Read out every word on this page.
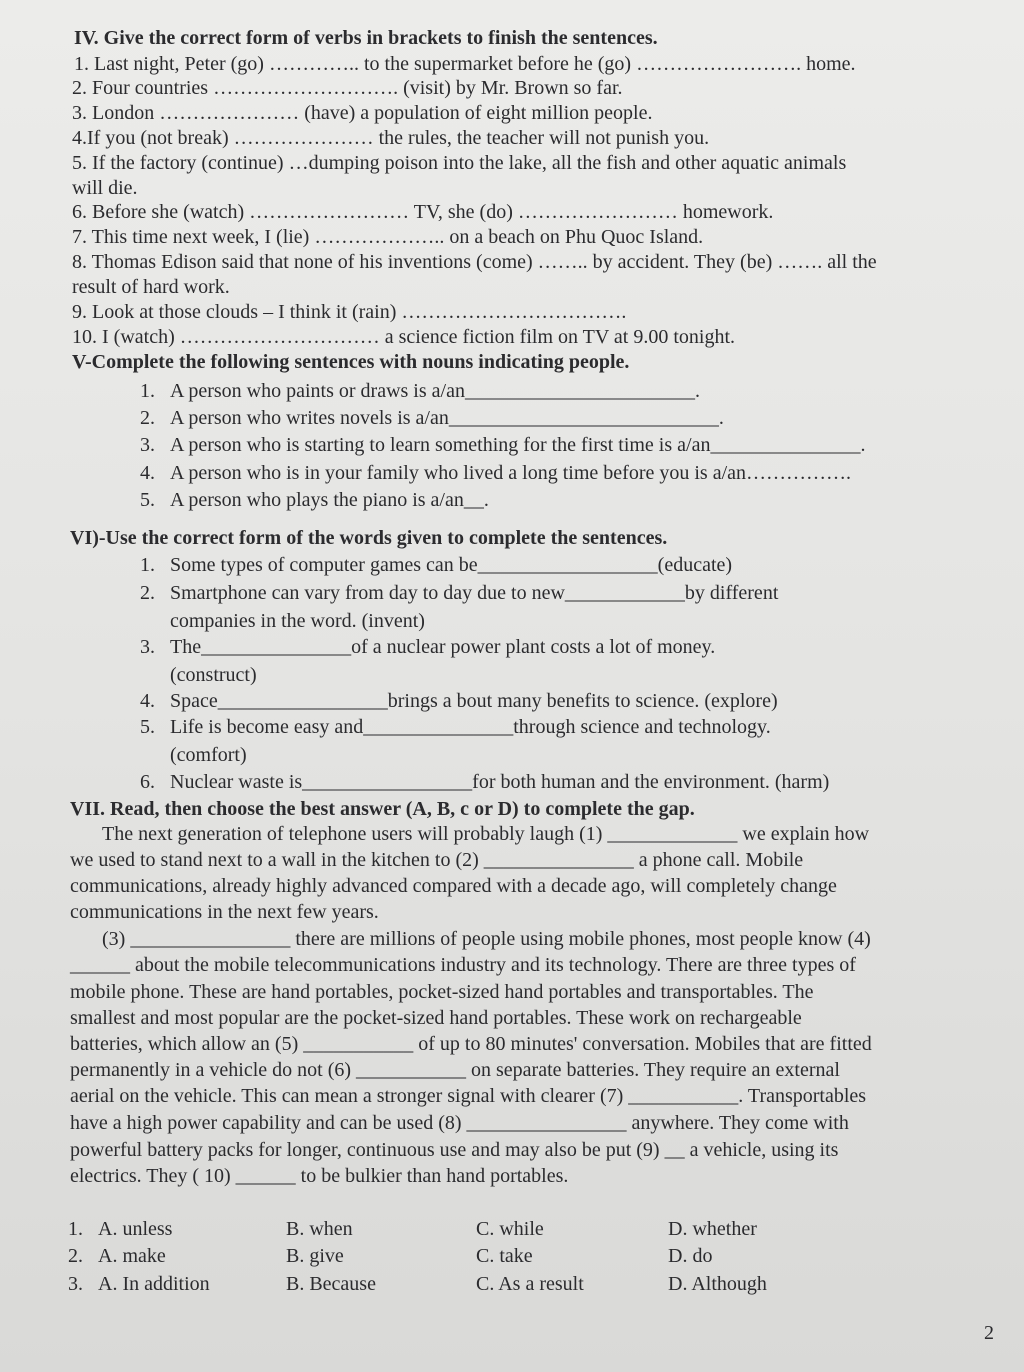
IV. Give the correct form of verbs in brackets to finish the sentences.
1. Last night, Peter (go) ………….. to the supermarket before he (go) ……………………. home.
2. Four countries ………………………. (visit) by Mr. Brown so far.
3. London ………………… (have) a population of eight million people.
4.If you (not break) ………………… the rules, the teacher will not punish you.
5. If the factory (continue) …dumping poison into the lake, all the fish and other aquatic animals
will die.
6. Before she (watch) …………………… TV, she (do) …………………… homework.
7. This time next week, I (lie) ……………….. on a beach on Phu Quoc Island.
8. Thomas Edison said that none of his inventions (come) …….. by accident. They (be) ……. all the
result of hard work.
9. Look at those clouds – I think it (rain) …………………………….
10. I (watch) ………………………… a science fiction film on TV at 9.00 tonight.
V-Complete the following sentences with nouns indicating people.
1. A person who paints or draws is a/an_______________________.
2. A person who writes novels is a/an___________________________.
3. A person who is starting to learn something for the first time is a/an_______________.
4. A person who is in your family who lived a long time before you is a/an…………….
5. A person who plays the piano is a/an__.
VI)-Use the correct form of the words given to complete the sentences.
1. Some types of computer games can be__________________(educate)
2. Smartphone can vary from day to day due to new____________by different
companies in the word. (invent)
3. The_______________of a nuclear power plant costs a lot of money.
(construct)
4. Space_________________brings a bout many benefits to science. (explore)
5. Life is become easy and_______________through science and technology.
(comfort)
6. Nuclear waste is_________________for both human and the environment. (harm)
VII. Read, then choose the best answer (A, B, c or D) to complete the gap.
The next generation of telephone users will probably laugh (1) _____________ we explain how
we used to stand next to a wall in the kitchen to (2) _______________ a phone call. Mobile
communications, already highly advanced compared with a decade ago, will completely change
communications in the next few years.
(3) ________________ there are millions of people using mobile phones, most people know (4)
______ about the mobile telecommunications industry and its technology. There are three types of
mobile phone. These are hand portables, pocket-sized hand portables and transportables. The
smallest and most popular are the pocket-sized hand portables. These work on rechargeable
batteries, which allow an (5) ___________ of up to 80 minutes' conversation. Mobiles that are fitted
permanently in a vehicle do not (6) ___________ on separate batteries. They require an external
aerial on the vehicle. This can mean a stronger signal with clearer (7) ___________. Transportables
have a high power capability and can be used (8) ________________ anywhere. They come with
powerful battery packs for longer, continuous use and may also be put (9) __ a vehicle, using its
electrics. They ( 10) ______ to be bulkier than hand portables.
1. A. unless	B. when	C. while	D. whether
2. A. make	B. give	C. take	D. do
3. A. In addition	B. Because	C. As a result	D. Although
2
